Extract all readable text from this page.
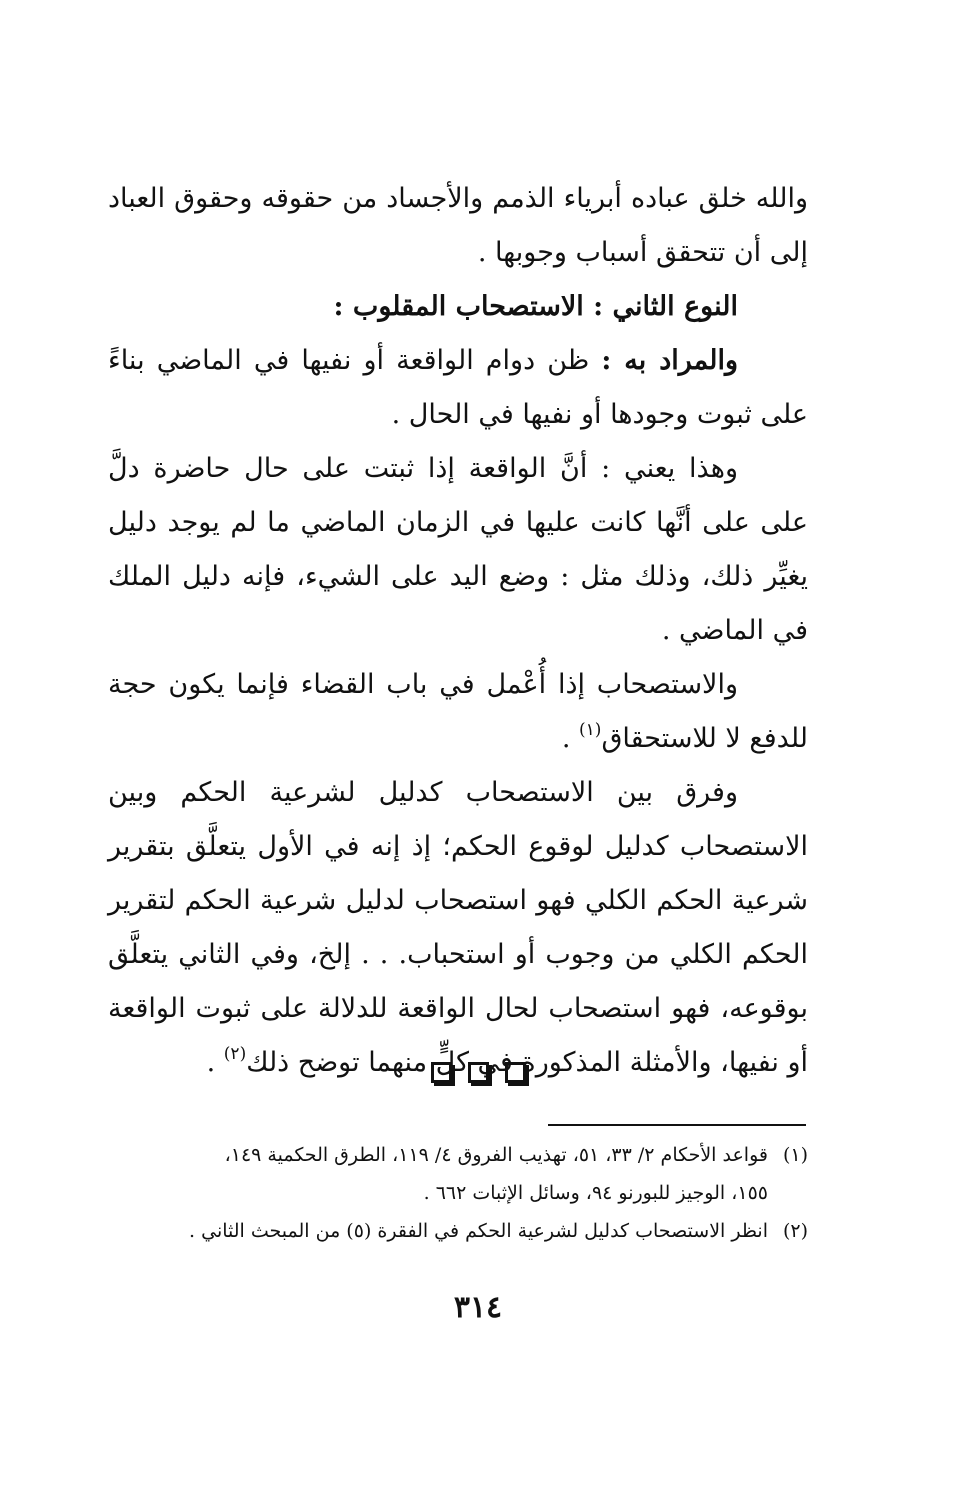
والله خلق عباده أبرياء الذمم والأجساد من حقوقه وحقوق العباد إلى أن تتحقق أسباب وجوبها .

النوع الثاني : الاستصحاب المقلوب :

والمراد به : ظن دوام الواقعة أو نفيها في الماضي بناءً على ثبوت وجودها أو نفيها في الحال .

وهذا يعني : أنَّ الواقعة إذا ثبتت على حال حاضرة دلَّ على على أنَّها كانت عليها في الزمان الماضي ما لم يوجد دليل يغيِّر ذلك، وذلك مثل : وضع اليد على الشيء، فإنه دليل الملك في الماضي .

والاستصحاب إذا أُعْمل في باب القضاء فإنما يكون حجة للدفع لا للاستحقاق$^{(١)}$ .

وفرق بين الاستصحاب كدليل لشرعية الحكم وبين الاستصحاب كدليل لوقوع الحكم؛ إذ إنه في الأول يتعلَّق بتقرير شرعية الحكم الكلي فهو استصحاب لدليل شرعية الحكم لتقرير الحكم الكلي من وجوب أو استحباب. . . إلخ، وفي الثاني يتعلَّق بوقوعه، فهو استصحاب لحال الواقعة للدلالة على ثبوت الواقعة أو نفيها، والأمثلة المذكورة في كلٍّ منهما توضح ذلك$^{(٢)}$ .

(١)قواعد الأحكام ٢/ ٣٣، ٥١، تهذيب الفروق ٤/ ١١٩، الطرق الحكمية ١٤٩،

١٥٥، الوجيز للبورنو ٩٤، وسائل الإثبات ٦٦٢ .

(٢)انظر الاستصحاب كدليل لشرعية الحكم في الفقرة (٥) من المبحث الثاني .

٣١٤
